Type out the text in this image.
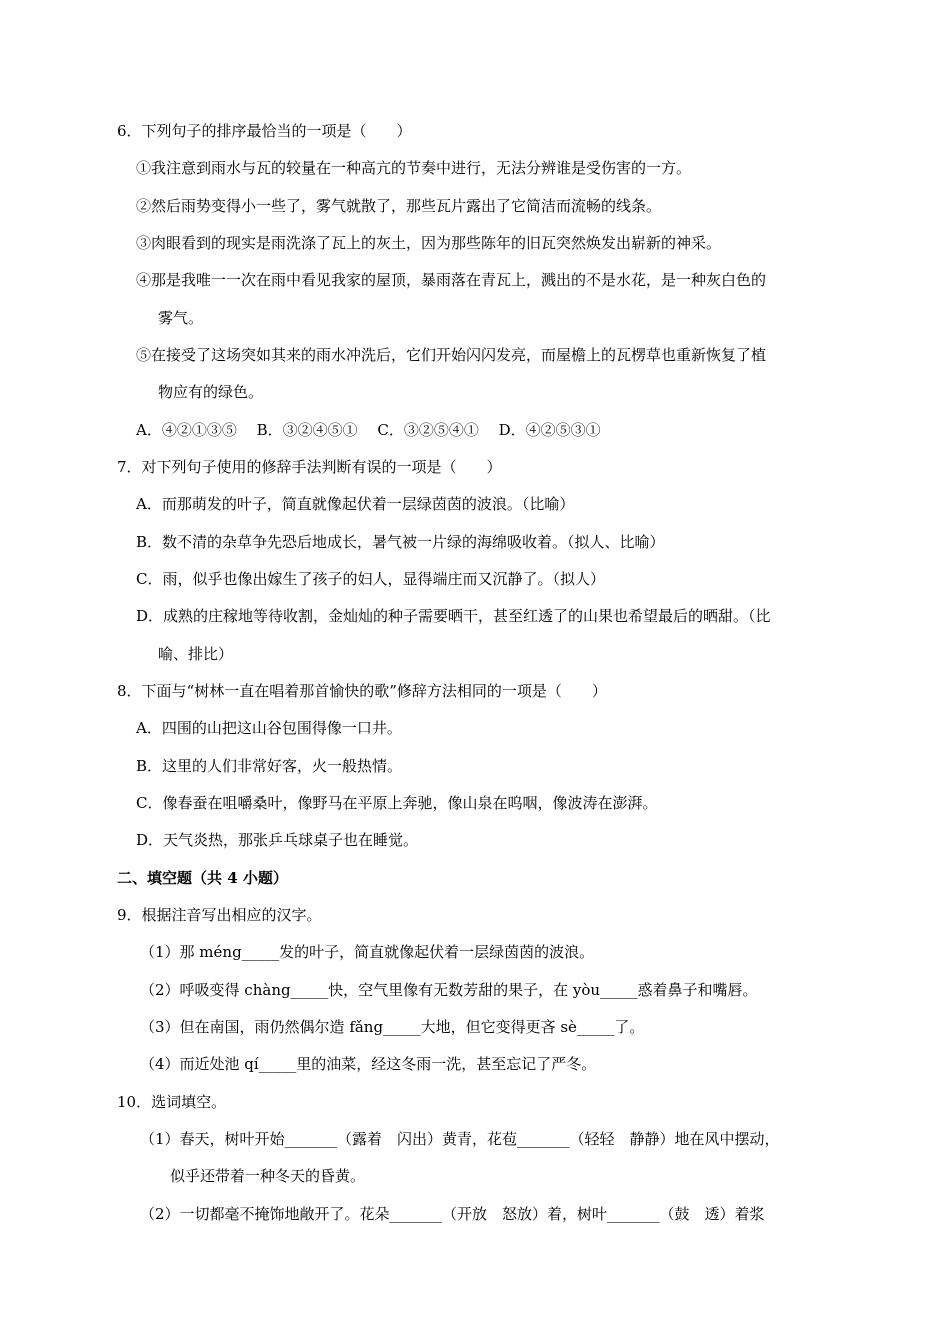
6．下列句子的排序最恰当的一项是（　　）
①我注意到雨水与瓦的较量在一种高亢的节奏中进行，无法分辨谁是受伤害的一方。
②然后雨势变得小一些了，雾气就散了，那些瓦片露出了它简洁而流畅的线条。
③肉眼看到的现实是雨洗涤了瓦上的灰土，因为那些陈年的旧瓦突然焕发出崭新的神采。
④那是我唯一一次在雨中看见我家的屋顶，暴雨落在青瓦上，溅出的不是水花，是一种灰白色的
雾气。
⑤在接受了这场突如其来的雨水冲洗后，它们开始闪闪发亮，而屋檐上的瓦楞草也重新恢复了植
物应有的绿色。
A．④②①③⑤　 B．③②④⑤①　 C．③②⑤④①　 D．④②⑤③①
7．对下列句子使用的修辞手法判断有误的一项是（　　）
A．而那萌发的叶子，简直就像起伏着一层绿茵茵的波浪。（比喻）
B．数不清的杂草争先恐后地成长，暑气被一片绿的海绵吸收着。（拟人、比喻）
C．雨，似乎也像出嫁生了孩子的妇人，显得端庄而又沉静了。（拟人）
D．成熟的庄稼地等待收割，金灿灿的种子需要晒干，甚至红透了的山果也希望最后的晒甜。（比
喻、排比）
8．下面与“树林一直在唱着那首愉快的歌”修辞方法相同的一项是（　　）
A．四围的山把这山谷包围得像一口井。
B．这里的人们非常好客，火一般热情。
C．像春蚕在咀嚼桑叶，像野马在平原上奔驰，像山泉在呜咽，像波涛在澎湃。
D．天气炎热，那张乒乓球桌子也在睡觉。
二、填空题（共 4 小题）
9．根据注音写出相应的汉字。
（1）那 méng_____发的叶子，简直就像起伏着一层绿茵茵的波浪。
（2）呼吸变得 chàng_____快，空气里像有无数芳甜的果子，在 yòu_____惑着鼻子和嘴唇。
（3）但在南国，雨仍然偶尔造 fǎng_____大地，但它变得更吝 sè_____了。
（4）而近处池 qí_____里的油菜，经这冬雨一洗，甚至忘记了严冬。
10．选词填空。
（1）春天，树叶开始_______（露着　闪出）黄青，花苞_______（轻轻　静静）地在风中摆动，
似乎还带着一种冬天的昏黄。
（2）一切都毫不掩饰地敞开了。花朵_______（开放　怒放）着，树叶_______（鼓　透）着浆
